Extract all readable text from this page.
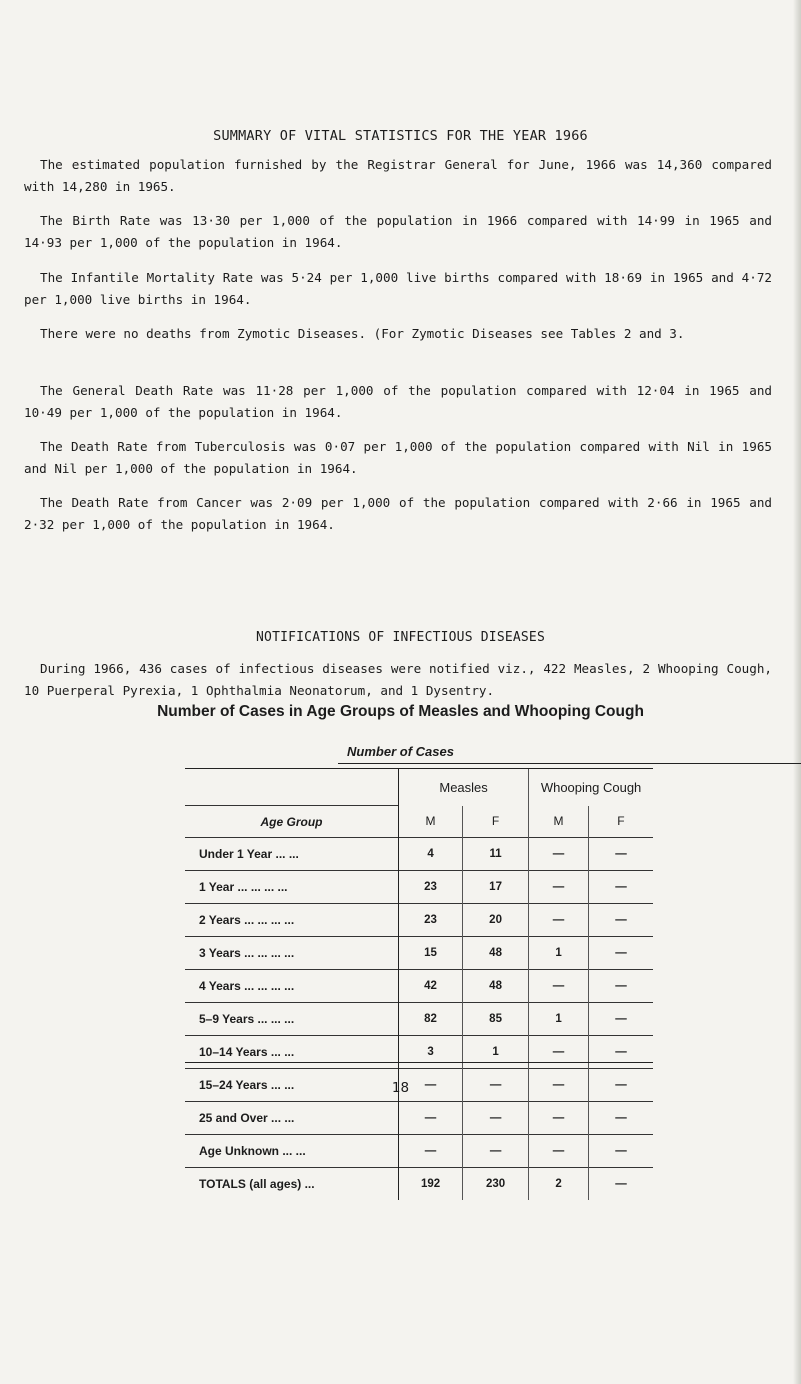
SUMMARY OF VITAL STATISTICS FOR THE YEAR 1966

The estimated population furnished by the Registrar General for June, 1966 was 14,360 compared with 14,280 in 1965.

The Birth Rate was 13·30 per 1,000 of the population in 1966 compared with 14·99 in 1965 and 14·93 per 1,000 of the population in 1964.

The Infantile Mortality Rate was 5·24 per 1,000 live births compared with 18·69 in 1965 and 4·72 per 1,000 live births in 1964.

There were no deaths from Zymotic Diseases. (For Zymotic Diseases see Tables 2 and 3.

The General Death Rate was 11·28 per 1,000 of the population compared with 12·04 in 1965 and 10·49 per 1,000 of the population in 1964.

The Death Rate from Tuberculosis was 0·07 per 1,000 of the population compared with Nil in 1965 and Nil per 1,000 of the population in 1964.

The Death Rate from Cancer was 2·09 per 1,000 of the population compared with 2·66 in 1965 and 2·32 per 1,000 of the population in 1964.

NOTIFICATIONS OF INFECTIOUS DISEASES

During 1966, 436 cases of infectious diseases were notified viz., 422 Measles, 2 Whooping Cough, 10 Puerperal Pyrexia, 1 Ophthalmia Neonatorum, and 1 Dysentry.

Number of Cases in Age Groups of Measles and Whooping Cough
Number of Cases
	Measles		Whooping Cough	
Age Group	M	F	M	F
Under 1 Year ... ...	4	11	—	—
1 Year ... ... ... ...	23	17	—	—
2 Years ... ... ... ...	23	20	—	—
3 Years ... ... ... ...	15	48	1	—
4 Years ... ... ... ...	42	48	—	—
5–9 Years ... ... ...	82	85	1	—
10–14 Years ... ...	3	1	—	—
15–24 Years ... ...	—	—	—	—
25 and Over ... ...	—	—	—	—
Age Unknown ... ...	—	—	—	—
TOTALS (all ages) ...	192	230	2	—
18
